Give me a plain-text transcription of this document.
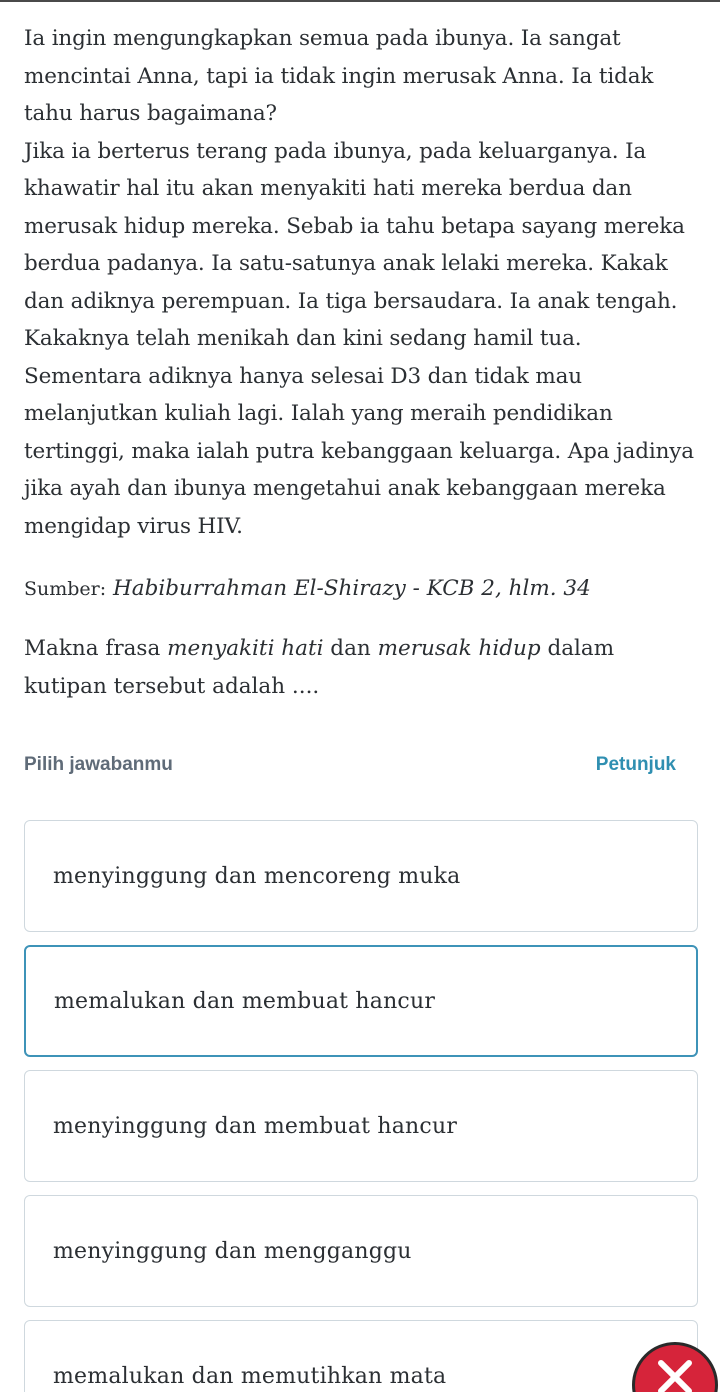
Ia ingin mengungkapkan semua pada ibunya. Ia sangat mencintai Anna, tapi ia tidak ingin merusak Anna. Ia tidak tahu harus bagaimana?

Jika ia berterus terang pada ibunya, pada keluarganya. Ia khawatir hal itu akan menyakiti hati mereka berdua dan merusak hidup mereka. Sebab ia tahu betapa sayang mereka berdua padanya. Ia satu-satunya anak lelaki mereka. Kakak dan adiknya perempuan. Ia tiga bersaudara. Ia anak tengah. Kakaknya telah menikah dan kini sedang hamil tua. Sementara adiknya hanya selesai D3 dan tidak mau melanjutkan kuliah lagi. Ialah yang meraih pendidikan tertinggi, maka ialah putra kebanggaan keluarga. Apa jadinya jika ayah dan ibunya mengetahui anak kebanggaan mereka mengidap virus HIV.

Sumber: Habiburrahman El-Shirazy - KCB 2, hlm. 34
Makna frasa menyakiti hati dan merusak hidup dalam kutipan tersebut adalah ....
Pilih jawabanmu	Petunjuk
menyinggung dan mencoreng muka
memalukan dan membuat hancur
menyinggung dan membuat hancur
menyinggung dan mengganggu
memalukan dan memutihkan mata
